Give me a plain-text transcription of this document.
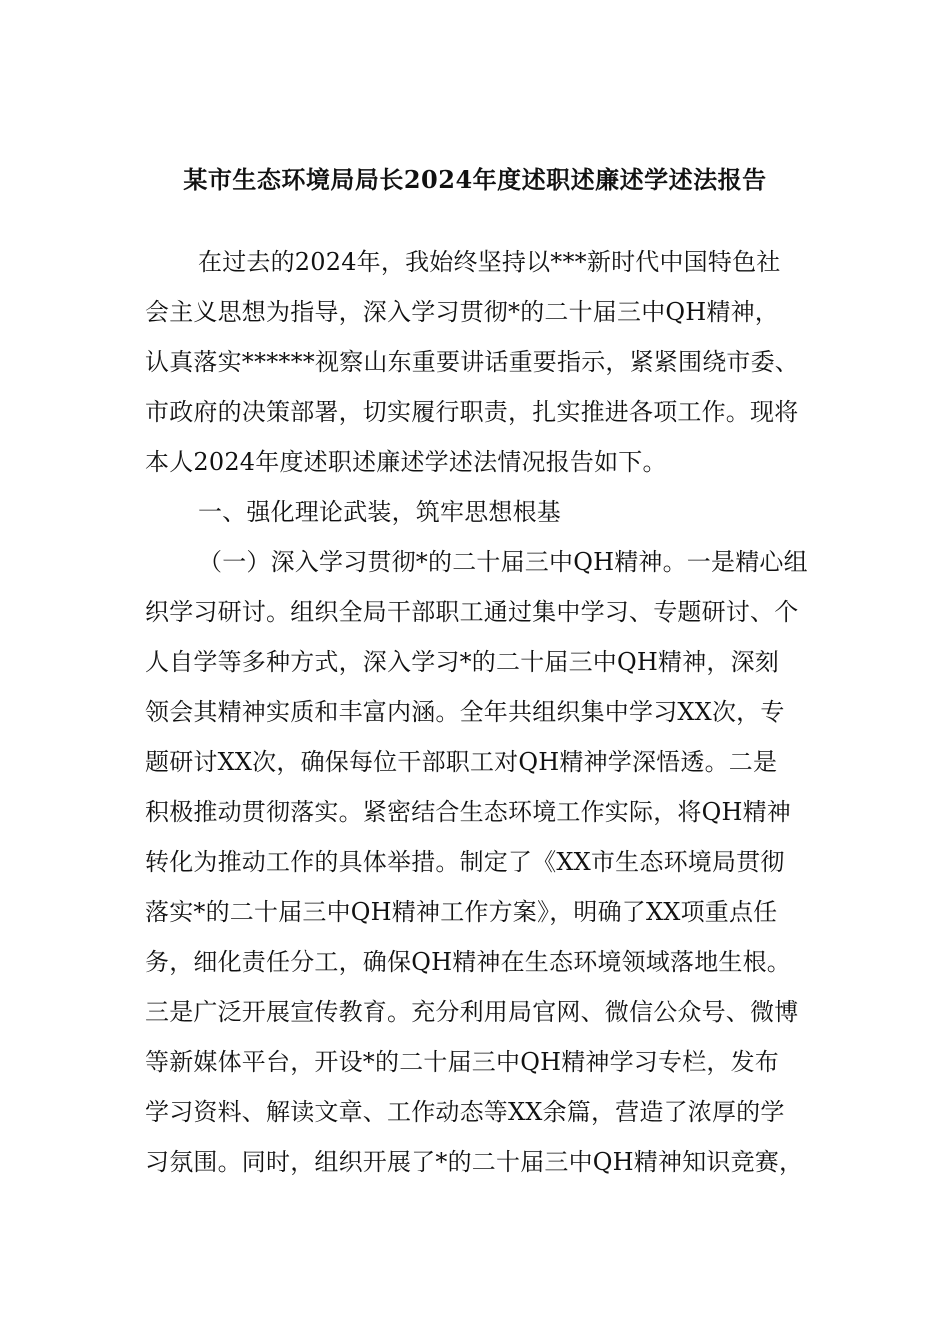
某市生态环境局局长2024年度述职述廉述学述法报告
在过去的2024年，我始终坚持以***新时代中国特色社
会主义思想为指导，深入学习贯彻*的二十届三中QH精神，
认真落实******视察山东重要讲话重要指示，紧紧围绕市委、
市政府的决策部署，切实履行职责，扎实推进各项工作。现将
本人2024年度述职述廉述学述法情况报告如下。
一、强化理论武装，筑牢思想根基
（一）深入学习贯彻*的二十届三中QH精神。一是精心组
织学习研讨。组织全局干部职工通过集中学习、专题研讨、个
人自学等多种方式，深入学习*的二十届三中QH精神，深刻
领会其精神实质和丰富内涵。全年共组织集中学习XX次，专
题研讨XX次，确保每位干部职工对QH精神学深悟透。二是
积极推动贯彻落实。紧密结合生态环境工作实际，将QH精神
转化为推动工作的具体举措。制定了《XX市生态环境局贯彻
落实*的二十届三中QH精神工作方案》，明确了XX项重点任
务，细化责任分工，确保QH精神在生态环境领域落地生根。
三是广泛开展宣传教育。充分利用局官网、微信公众号、微博
等新媒体平台，开设*的二十届三中QH精神学习专栏，发布
学习资料、解读文章、工作动态等XX余篇，营造了浓厚的学
习氛围。同时，组织开展了*的二十届三中QH精神知识竞赛，
